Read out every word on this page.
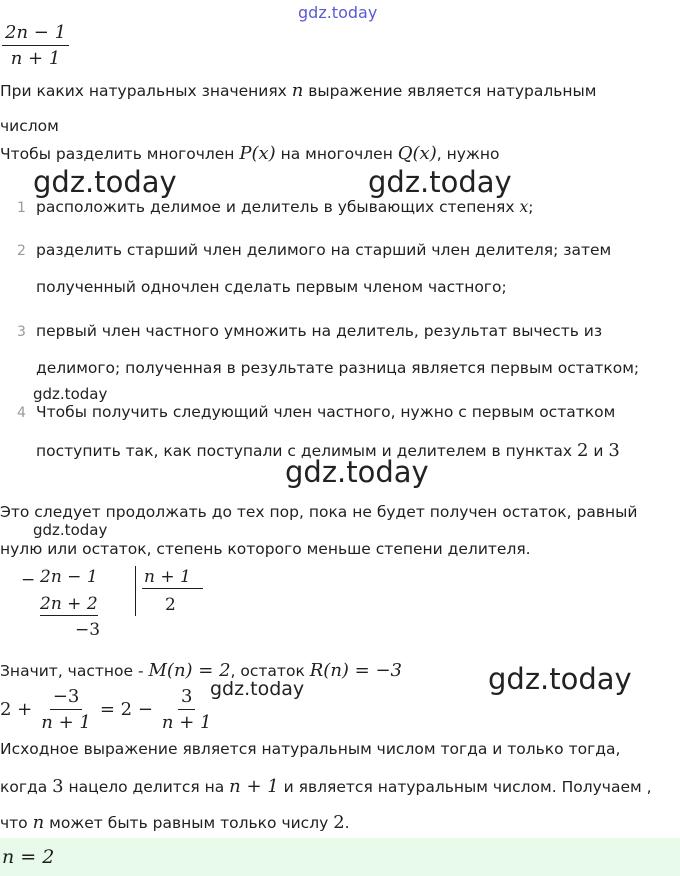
gdz.today
$\frac{2n - 1}{n + 1}$
При каких натуральных значениях n выражение является натуральным
числом
Чтобы разделить многочлен P(x) на многочлен Q(x), нужно
gdz.today	gdz.today
1 расположить делимое и делитель в убывающих степенях x;
2 разделить старший член делимого на старший член делителя; затем
полученный одночлен сделать первым членом частного;
3 первый член частного умножить на делитель, результат вычесть из
делимого; полученная в результате разница является первым остатком;
gdz.today
4 Чтобы получить следующий член частного, нужно с первым остатком
поступить так, как поступали с делимым и делителем в пунктах 2 и 3
gdz.today
Это следует продолжать до тех пор, пока не будет получен остаток, равный
gdz.today
нулю или остаток, степень которого меньше степени делителя.
− 2n − 1
2n + 2
−3
n + 1
2
Значит, частное - M(n) = 2, остаток R(n) = −3
gdz.today	gdz.today
$2 + \frac{-3}{n + 1} = 2 - \frac{3}{n + 1}$
Исходное выражение является натуральным числом тогда и только тогда,
когда 3 нацело делится на n + 1 и является натуральным числом. Получаем ,
что n может быть равным только числу 2.
n = 2
